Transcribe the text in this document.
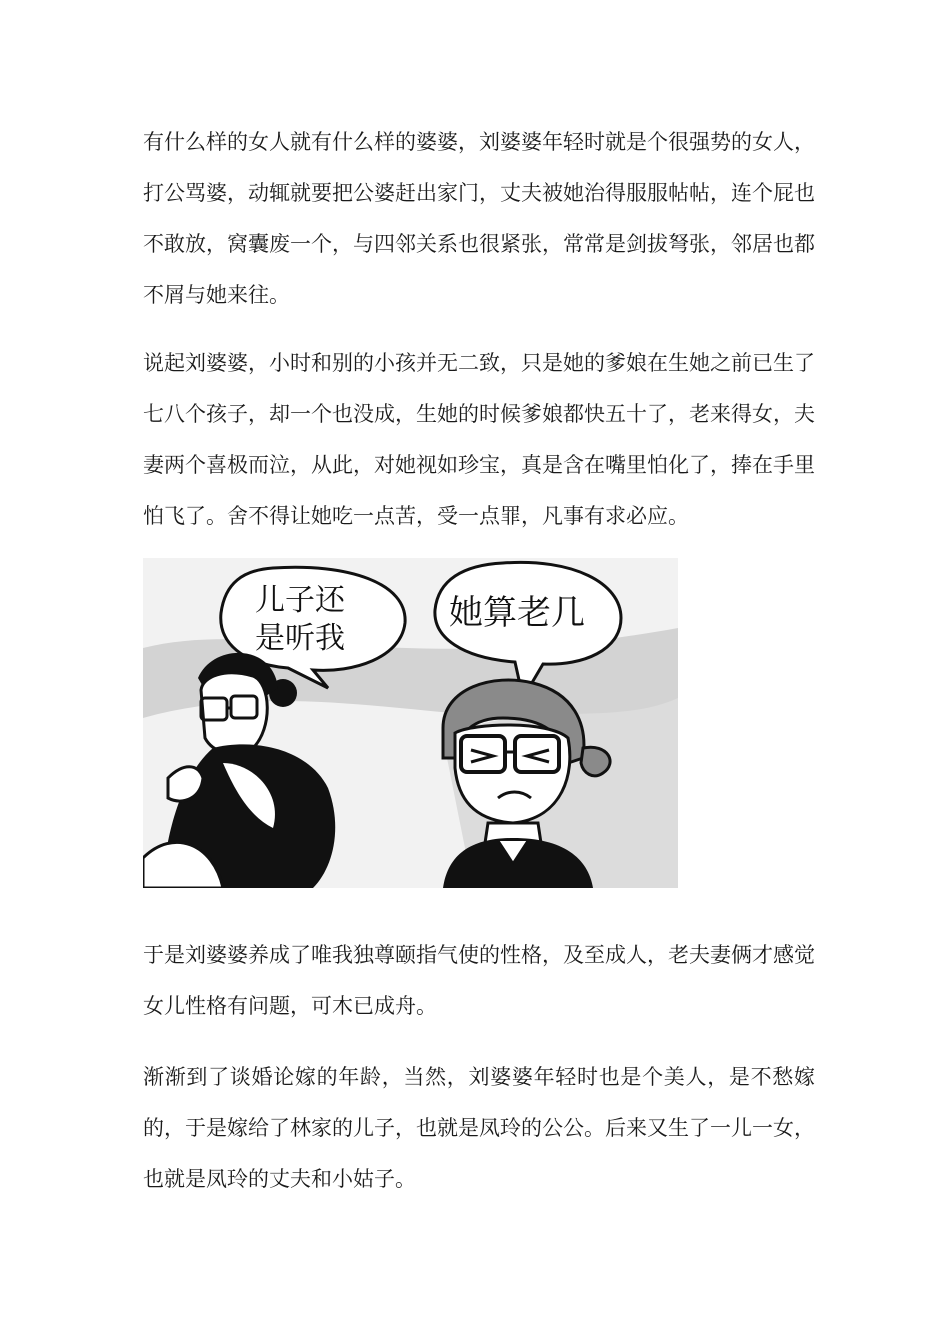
有什么样的女人就有什么样的婆婆，刘婆婆年轻时就是个很强势的女人，打公骂婆，动辄就要把公婆赶出家门，丈夫被她治得服服帖帖，连个屁也不敢放，窝囊废一个，与四邻关系也很紧张，常常是剑拔弩张，邻居也都不屑与她来往。

说起刘婆婆，小时和别的小孩并无二致，只是她的爹娘在生她之前已生了七八个孩子，却一个也没成，生她的时候爹娘都快五十了，老来得女，夫妻两个喜极而泣，从此，对她视如珍宝，真是含在嘴里怕化了，捧在手里怕飞了。舍不得让她吃一点苦，受一点罪，凡事有求必应。

儿子还
是听我
她算老几

于是刘婆婆养成了唯我独尊颐指气使的性格，及至成人，老夫妻俩才感觉女儿性格有问题，可木已成舟。

渐渐到了谈婚论嫁的年龄，当然，刘婆婆年轻时也是个美人，是不愁嫁的，于是嫁给了林家的儿子，也就是凤玲的公公。后来又生了一儿一女，也就是凤玲的丈夫和小姑子。
